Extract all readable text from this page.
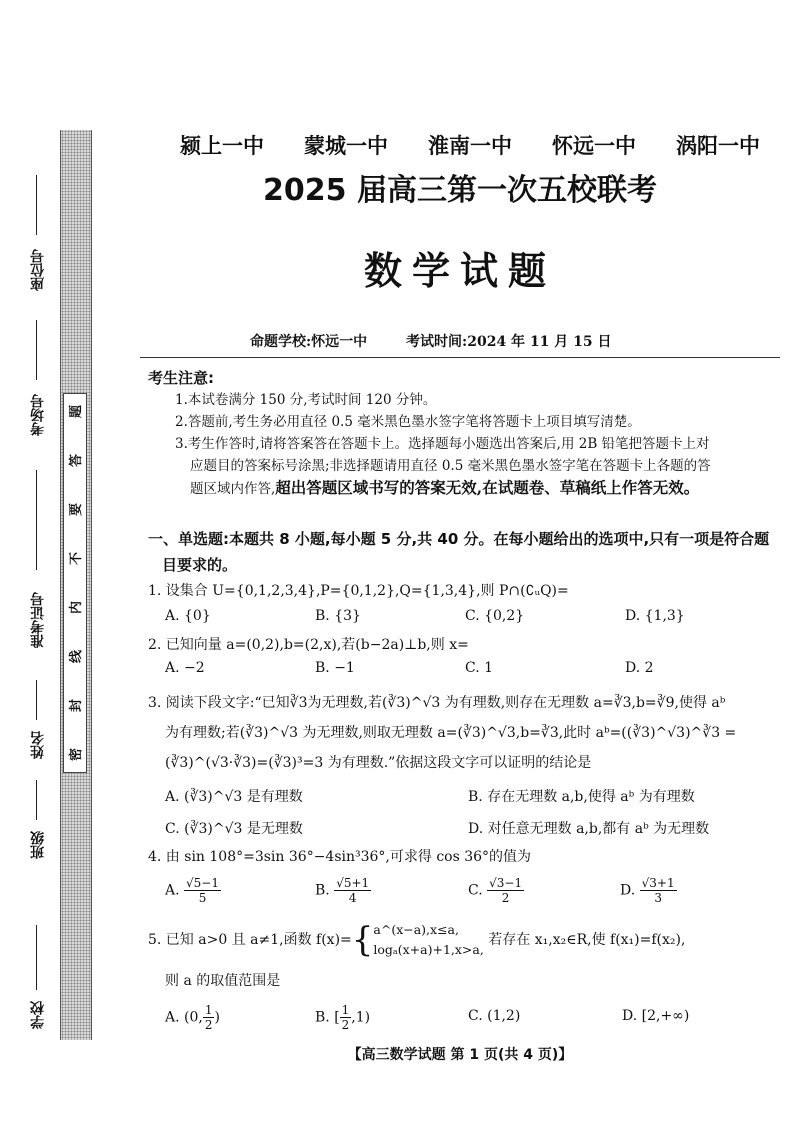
座位号
考场号
准考证号
姓名
班级
学校
题
答
要
不
内
线
封
密
颍上一中 蒙城一中 淮南一中 怀远一中 涡阳一中
2025 届高三第一次五校联考
数学试题
命题学校:怀远一中	考试时间:2024 年 11 月 15 日
考生注意:
1.本试卷满分 150 分,考试时间 120 分钟。
2.答题前,考生务必用直径 0.5 毫米黑色墨水签字笔将答题卡上项目填写清楚。
3.考生作答时,请将答案答在答题卡上。选择题每小题选出答案后,用 2B 铅笔把答题卡上对
应题目的答案标号涂黑;非选择题请用直径 0.5 毫米黑色墨水签字笔在答题卡上各题的答
题区域内作答,超出答题区域书写的答案无效,在试题卷、草稿纸上作答无效。
一、单选题:本题共 8 小题,每小题 5 分,共 40 分。在每小题给出的选项中,只有一项是符合题
目要求的。
1. 设集合 U={0,1,2,3,4},P={0,1,2},Q={1,3,4},则 P∩(∁ᵤQ)=
A. {0}	B. {3}	C. {0,2}	D. {1,3}
2. 已知向量 a=(0,2),b=(2,x),若(b−2a)⊥b,则 x=
A. −2	B. −1	C. 1	D. 2
3. 阅读下段文字:“已知∛3为无理数,若(∛3)^√3 为有理数,则存在无理数 a=∛3,b=∛9,使得 aᵇ
为有理数;若(∛3)^√3 为无理数,则取无理数 a=(∛3)^√3,b=∛3,此时 aᵇ=((∛3)^√3)^∛3 =
(∛3)^(√3·∛3)=(∛3)³=3 为有理数.”依据这段文字可以证明的结论是
A. (∛3)^√3 是有理数	B. 存在无理数 a,b,使得 aᵇ 为有理数
C. (∛3)^√3 是无理数	D. 对任意无理数 a,b,都有 aᵇ 为无理数
4. 由 sin 108°=3sin 36°−4sin³36°,可求得 cos 36°的值为
A. $\frac{√5-1}{5}$	B. $\frac{√5+1}{4}$	C. $\frac{√3-1}{2}$	D. $\frac{√3+1}{3}$
5. 已知 a>0 且 a≠1,函数 f(x)={ a^(x−a),x≤a,
logₐ(x+a)+1,x>a,
若存在 x₁,x₂∈R,使 f(x₁)=f(x₂),
则 a 的取值范围是
A. (0, $\frac{1}{2}$ )	B. [ $\frac{1}{2} ,1$)	C. (1,2)	D. [2,+∞)
【高三数学试题 第 1 页(共 4 页)】
